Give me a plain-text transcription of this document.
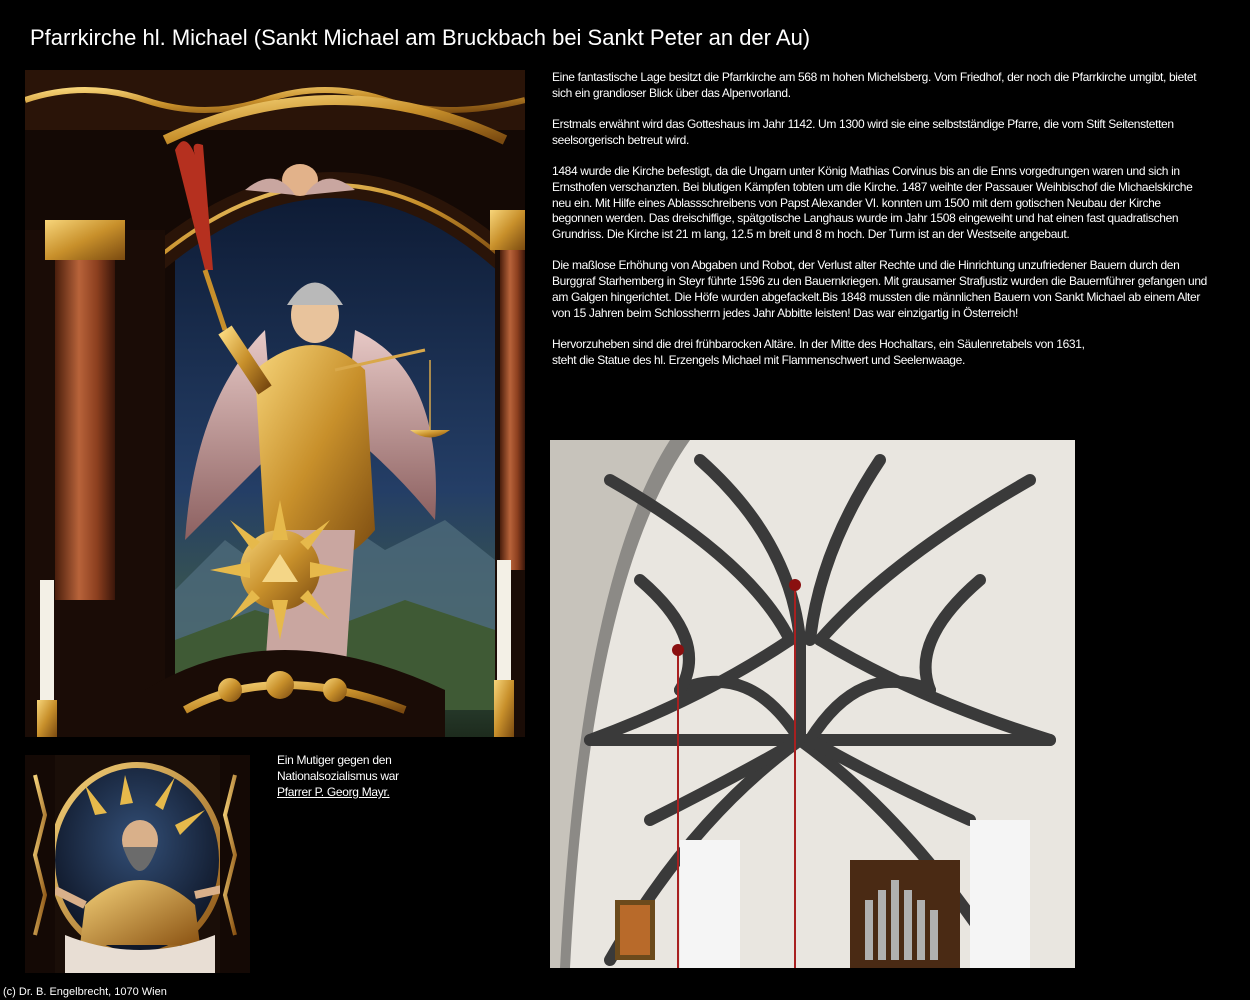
Pfarrkirche hl. Michael (Sankt Michael am Bruckbach bei Sankt Peter an der Au)

Eine fantastische Lage besitzt die Pfarrkirche am 568 m hohen Michelsberg. Vom Friedhof, der noch die Pfarrkirche umgibt, bietet sich ein grandioser Blick über das Alpenvorland.

Erstmals erwähnt wird das Gotteshaus im Jahr 1142. Um 1300 wird sie eine selbstständige Pfarre, die vom Stift Seitenstetten seelsorgerisch betreut wird.

1484 wurde die Kirche befestigt, da die Ungarn unter König Mathias Corvinus bis an die Enns vorgedrungen waren und sich in Ernsthofen verschanzten. Bei blutigen Kämpfen tobten um die Kirche. 1487 weihte der Passauer Weihbischof die Michaelskirche neu ein. Mit Hilfe eines Ablassschreibens von Papst Alexander VI. konnten um 1500 mit dem gotischen Neubau der Kirche begonnen werden. Das dreischiffige, spätgotische Langhaus wurde im Jahr 1508 eingeweiht und hat einen fast quadratischen Grundriss. Die Kirche ist 21 m lang, 12.5 m breit und 8 m hoch. Der Turm ist an der Westseite angebaut.

Die maßlose Erhöhung von Abgaben und Robot, der Verlust alter Rechte und die Hinrichtung unzufriedener Bauern durch den Burggraf Starhemberg in Steyr führte 1596 zu den Bauernkriegen. Mit grausamer Strafjustiz wurden die Bauernführer gefangen und am Galgen hingerichtet. Die Höfe wurden abgefackelt.Bis 1848 mussten die männlichen Bauern von Sankt Michael ab einem Alter von 15 Jahren beim Schlossherrn jedes Jahr Abbitte leisten! Das war einzigartig in Österreich!

Hervorzuheben sind die drei frühbarocken Altäre. In der Mitte des Hochaltars, ein Säulenretabels von 1631,
steht die Statue des hl. Erzengels Michael mit Flammenschwert und Seelenwaage.

Ein Mutiger gegen den
Nationalsozialismus war
Pfarrer P. Georg Mayr.
(c) Dr. B. Engelbrecht, 1070 Wien
